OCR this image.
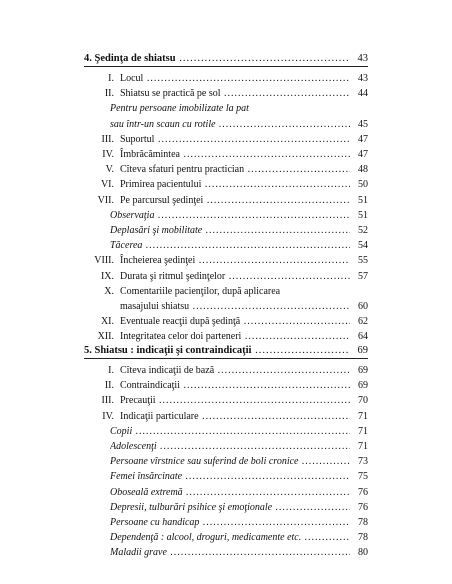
4. Şedinţa de shiatsu .....	43
I. Locul .....	43
II. Shiatsu se practică pe sol .....	44
Pentru persoane imobilizate la pat
sau într-un scaun cu rotile .....	45
III. Suportul .....	47
IV. Îmbrăcămintea .....	47
V. Cîteva sfaturi pentru practician .....	48
VI. Primirea pacientului .....	50
VII. Pe parcursul şedinţei .....	51
Observaţia .....	51
Deplasări şi mobilitate .....	52
Tăcerea .....	54
VIII. Încheierea şedinţei .....	55
IX. Durata şi ritmul şedinţelor .....	57
X. Comentariile pacienţilor, după aplicarea
masajului shiatsu .....	60
XI. Eventuale reacţii după şedinţă .....	62
XII. Integritatea celor doi parteneri .....	64
5. Shiatsu : indicaţii şi contraindicaţii .....	69
I. Cîteva indicaţii de bază .....	69
II. Contraindicaţii .....	69
III. Precauţii .....	70
IV. Indicaţii particulare .....	71
Copii .....	71
Adolescenţi .....	71
Persoane vîrstnice sau suferind de boli cronice .....	73
Femei însărcinate .....	75
Oboseală extremă .....	76
Depresii, tulburări psihice şi emoţionale .....	76
Persoane cu handicap .....	78
Dependenţă : alcool, droguri, medicamente etc. .....	78
Maladii grave .....	80
